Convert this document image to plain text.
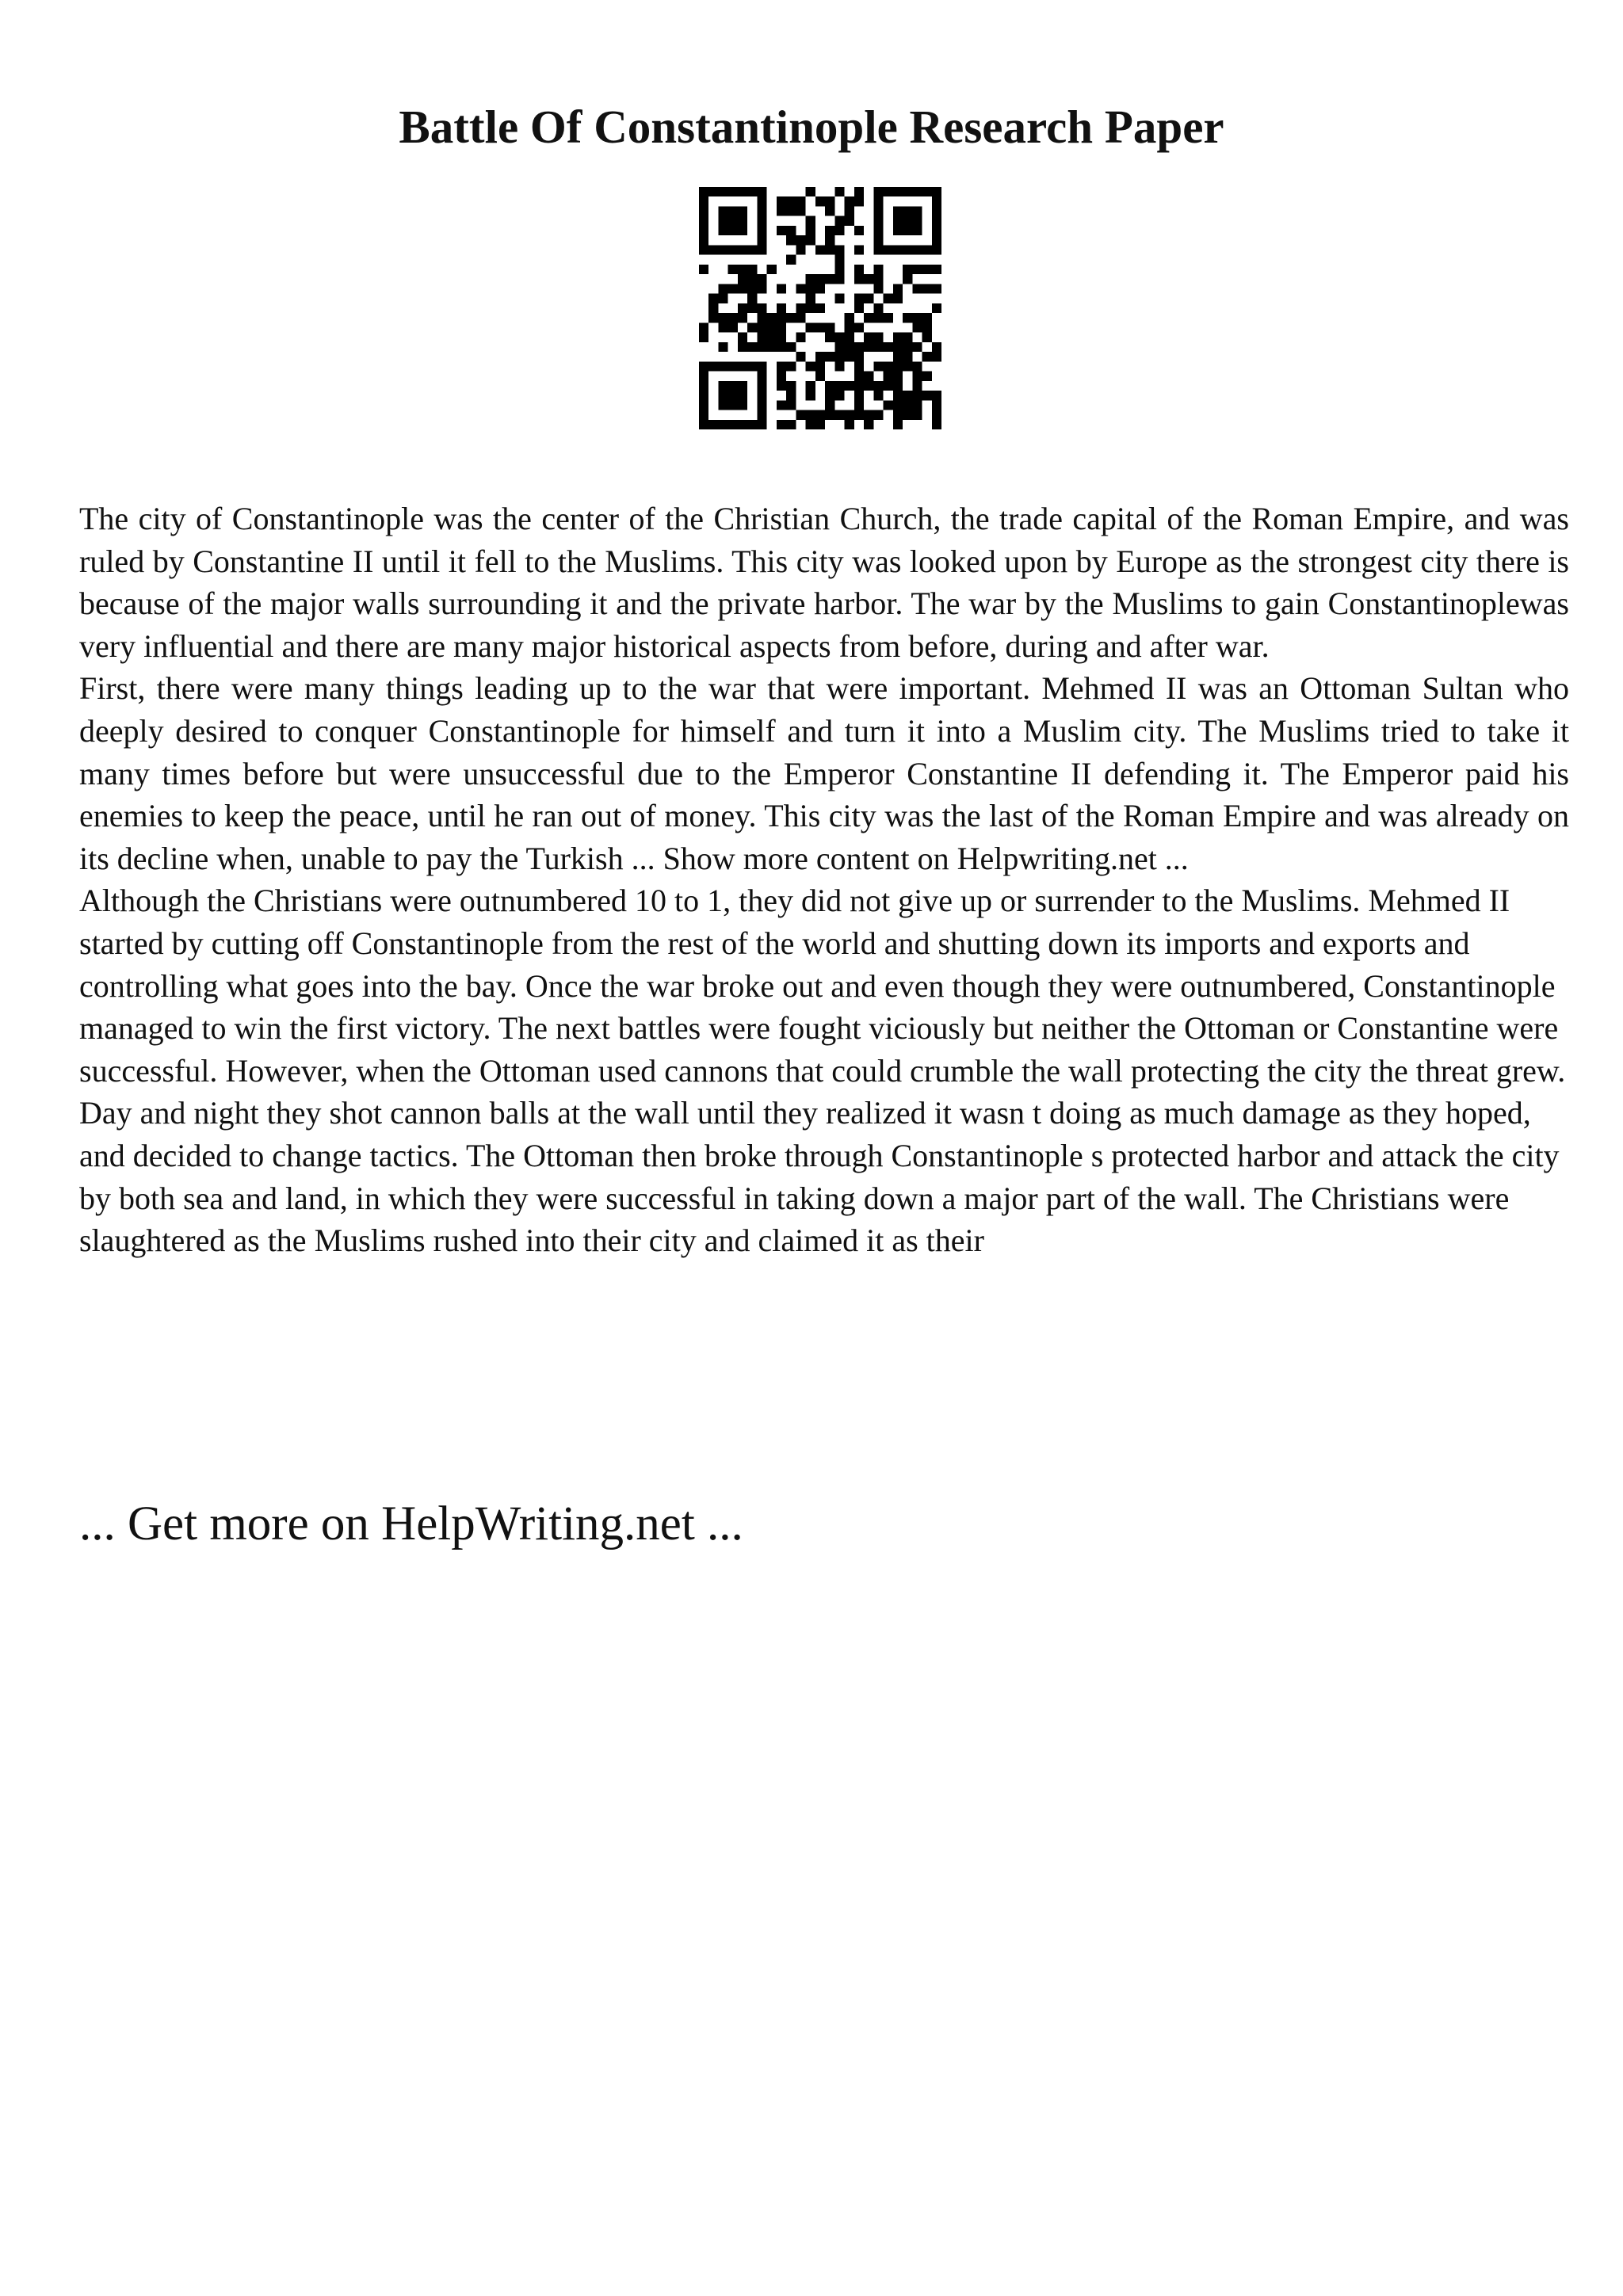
Battle Of Constantinople Research Paper

The city of Constantinople was the center of the Christian Church, the trade capital of the Roman Empire, and was ruled by Constantine II until it fell to the Muslims. This city was looked upon by Europe as the strongest city there is because of the major walls surrounding it and the private harbor. The war by the Muslims to gain Constantinoplewas very influential and there are many major historical aspects from before, during and after war.

First, there were many things leading up to the war that were important. Mehmed II was an Ottoman Sultan who deeply desired to conquer Constantinople for himself and turn it into a Muslim city. The Muslims tried to take it many times before but were unsuccessful due to the Emperor Constantine II defending it. The Emperor paid his enemies to keep the peace, until he ran out of money. This city was the last of the Roman Empire and was already on its decline when, unable to pay the Turkish ... Show more content on Helpwriting.net ...

Although the Christians were outnumbered 10 to 1, they did not give up or surrender to the Muslims. Mehmed II started by cutting off Constantinople from the rest of the world and shutting down its imports and exports and controlling what goes into the bay. Once the war broke out and even though they were outnumbered, Constantinople managed to win the first victory. The next battles were fought viciously but neither the Ottoman or Constantine were successful. However, when the Ottoman used cannons that could crumble the wall protecting the city the threat grew. Day and night they shot cannon balls at the wall until they realized it wasn t doing as much damage as they hoped, and decided to change tactics. The Ottoman then broke through Constantinople s protected harbor and attack the city by both sea and land, in which they were successful in taking down a major part of the wall. The Christians were slaughtered as the Muslims rushed into their city and claimed it as their

... Get more on HelpWriting.net ...
